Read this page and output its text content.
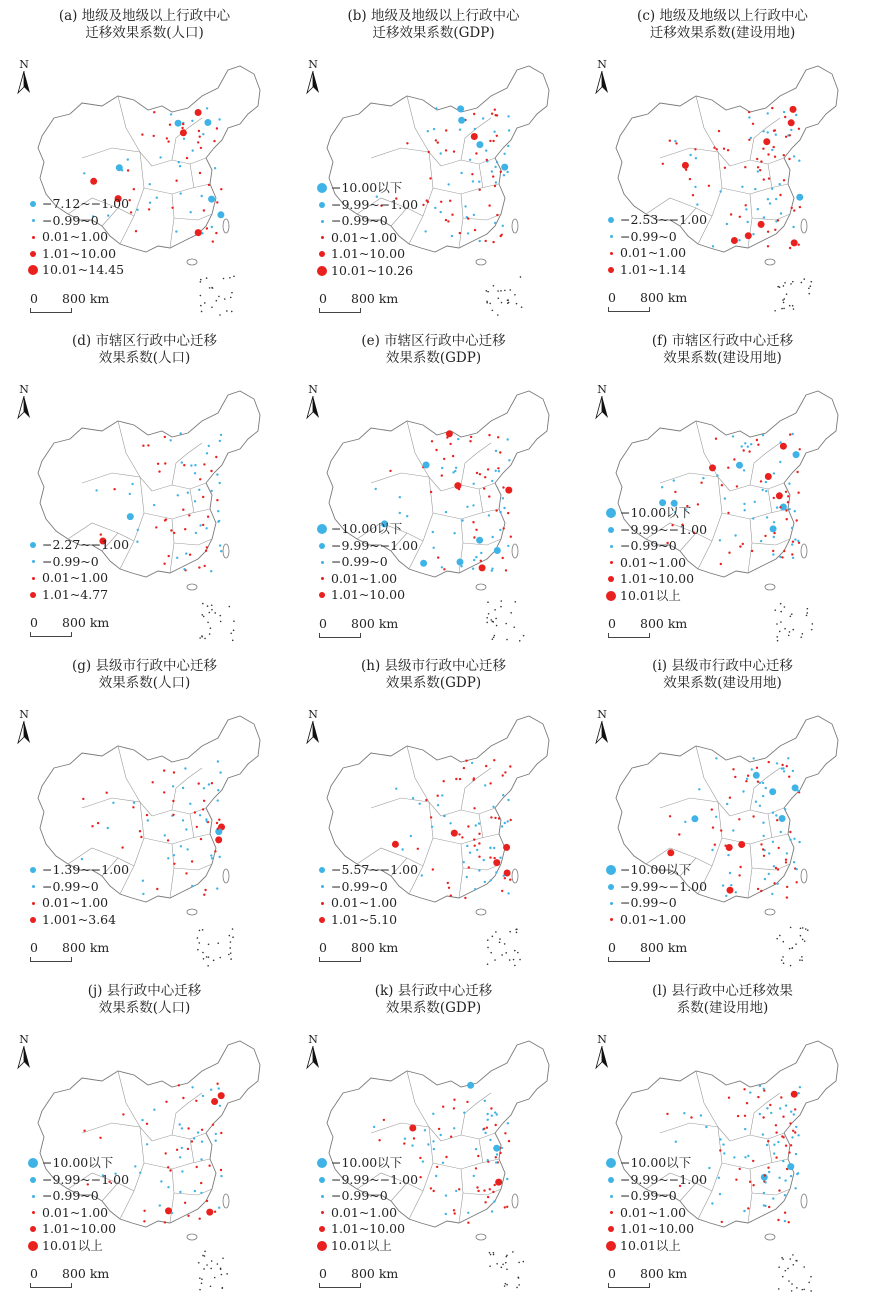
(a) 地级及地级以上行政中心
迁移效果系数(人口)
N
−7.12~−1.00
−0.99~0
0.01~1.00
1.01~10.00
10.01~14.45
0 800 km
(b) 地级及地级以上行政中心
迁移效果系数(GDP)
N
−10.00以下
−9.99~−1.00
−0.99~0
0.01~1.00
1.01~10.00
10.01~10.26
0 800 km
(c) 地级及地级以上行政中心
迁移效果系数(建设用地)
N
−2.53~−1.00
−0.99~0
0.01~1.00
1.01~1.14
0 800 km
(d) 市辖区行政中心迁移
效果系数(人口)
N
−2.27~−1.00
−0.99~0
0.01~1.00
1.01~4.77
0 800 km
(e) 市辖区行政中心迁移
效果系数(GDP)
N
−10.00以下
−9.99~−1.00
−0.99~0
0.01~1.00
1.01~10.00
0 800 km
(f) 市辖区行政中心迁移
效果系数(建设用地)
N
−10.00以下
−9.99~−1.00
−0.99~0
0.01~1.00
1.01~10.00
10.01以上
0 800 km
(g) 县级市行政中心迁移
效果系数(人口)
N
−1.39~−1.00
−0.99~0
0.01~1.00
1.001~3.64
0 800 km
(h) 县级市行政中心迁移
效果系数(GDP)
N
−5.57~−1.00
−0.99~0
0.01~1.00
1.01~5.10
0 800 km
(i) 县级市行政中心迁移
效果系数(建设用地)
N
−10.00以下
−9.99~−1.00
−0.99~0
0.01~1.00
0 800 km
(j) 县行政中心迁移
效果系数(人口)
N
−10.00以下
−9.99~−1.00
−0.99~0
0.01~1.00
1.01~10.00
10.01以上
0 800 km
(k) 县行政中心迁移
效果系数(GDP)
N
−10.00以下
−9.99~−1.00
−0.99~0
0.01~1.00
1.01~10.00
10.01以上
0 800 km
(l) 县行政中心迁移效果
系数(建设用地)
N
−10.00以下
−9.99~−1.00
−0.99~0
0.01~1.00
1.01~10.00
10.01以上
0 800 km
